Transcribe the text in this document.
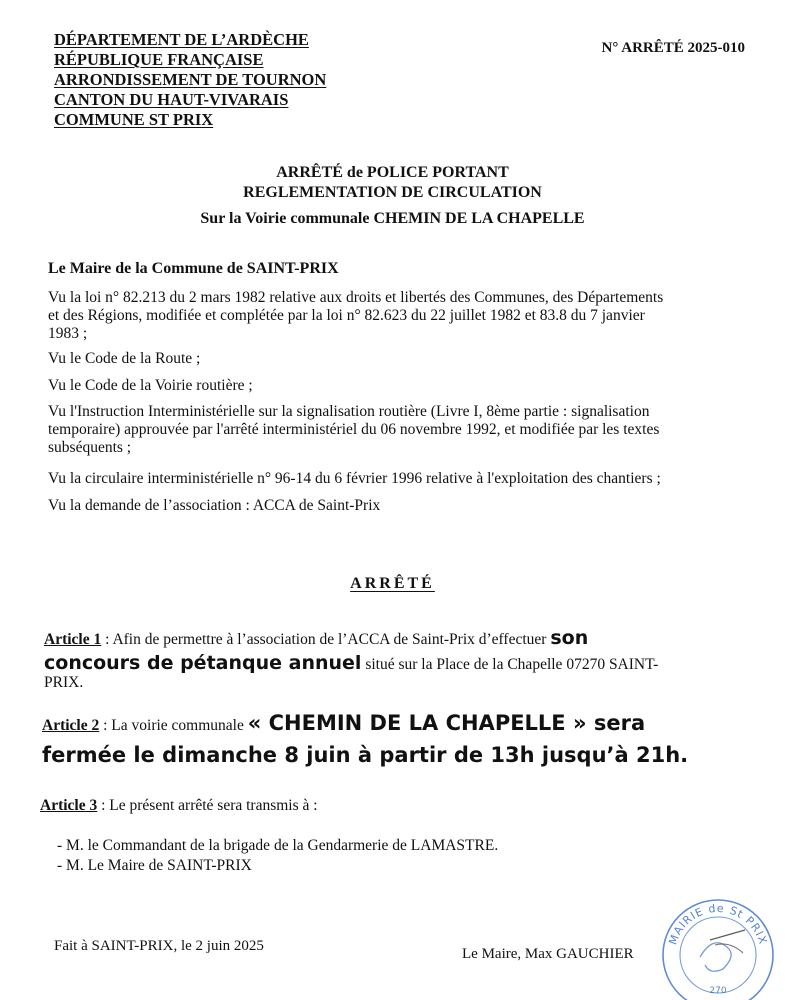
DÉPARTEMENT DE L’ARDÈCHE
RÉPUBLIQUE FRANÇAISE
ARRONDISSEMENT DE TOURNON
CANTON DU HAUT-VIVARAIS
COMMUNE ST PRIX
N° ARRÊTÉ 2025-010
ARRÊTÉ de POLICE PORTANT
REGLEMENTATION DE CIRCULATION
Sur la Voirie communale CHEMIN DE LA CHAPELLE
Le Maire de la Commune de SAINT-PRIX
Vu la loi n° 82.213 du 2 mars 1982 relative aux droits et libertés des Communes, des Départements
et des Régions, modifiée et complétée par la loi n° 82.623 du 22 juillet 1982 et 83.8 du 7 janvier
1983 ;
Vu le Code de la Route ;
Vu le Code de la Voirie routière ;
Vu l'Instruction Interministérielle sur la signalisation routière (Livre I, 8ème partie : signalisation
temporaire) approuvée par l'arrêté interministériel du 06 novembre 1992, et modifiée par les textes
subséquents ;
Vu la circulaire interministérielle n° 96-14 du 6 février 1996 relative à l'exploitation des chantiers ;
Vu la demande de l’association : ACCA de Saint-Prix
ARRÊTÉ
Article 1 : Afin de permettre à l’association de l’ACCA de Saint-Prix d’effectuer son
concours de pétanque annuel situé sur la Place de la Chapelle 07270 SAINT-
PRIX.
Article 2 : La voirie communale « CHEMIN DE LA CHAPELLE » sera
fermée le dimanche 8 juin à partir de 13h jusqu’à 21h.
Article 3 : Le présent arrêté sera transmis à :
- M. le Commandant de la brigade de la Gendarmerie de LAMASTRE.
- M. Le Maire de SAINT-PRIX
Fait à SAINT-PRIX, le 2 juin 2025	Le Maire, Max GAUCHIER
MAIRIE de St PRIX
270
